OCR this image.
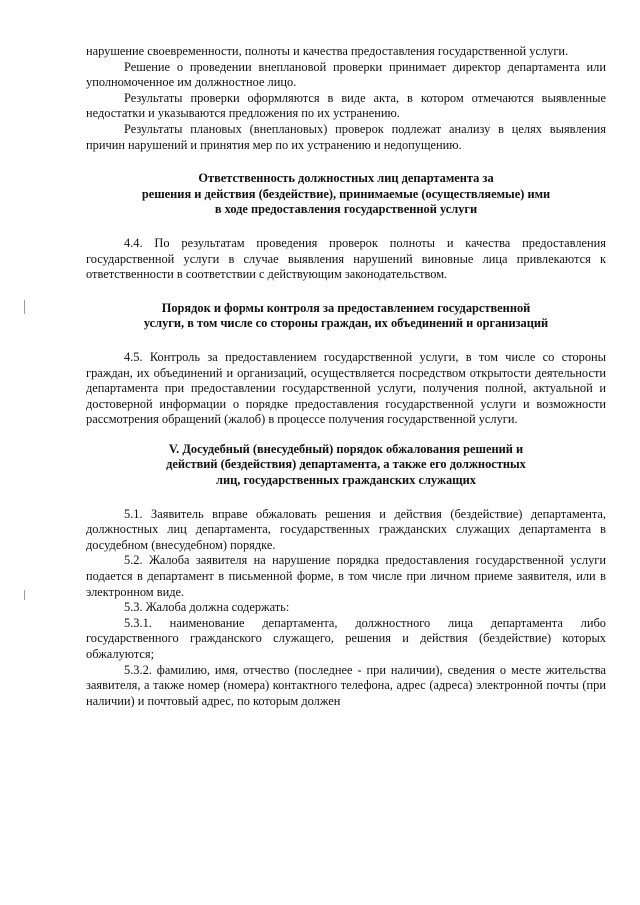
нарушение своевременности, полноты и качества предоставления государственной услуги.

Решение о проведении внеплановой проверки принимает директор департамента или уполномоченное им должностное лицо.

Результаты проверки оформляются в виде акта, в котором отмечаются выявленные недостатки и указываются предложения по их устранению.

Результаты плановых (внеплановых) проверок подлежат анализу в целях выявления причин нарушений и принятия мер по их устранению и недопущению.

Ответственность должностных лиц департамента за
решения и действия (бездействие), принимаемые (осуществляемые) ими
в ходе предоставления государственной услуги

4.4. По результатам проведения проверок полноты и качества предоставления государственной услуги в случае выявления нарушений виновные лица привлекаются к ответственности в соответствии с действующим законодательством.

Порядок и формы контроля за предоставлением государственной
услуги, в том числе со стороны граждан, их объединений и организаций

4.5. Контроль за предоставлением государственной услуги, в том числе со стороны граждан, их объединений и организаций, осуществляется посредством открытости деятельности департамента при предоставлении государственной услуги, получения полной, актуальной и достоверной информации о порядке предоставления государственной услуги и возможности рассмотрения обращений (жалоб) в процессе получения государственной услуги.

V. Досудебный (внесудебный) порядок обжалования решений и
действий (бездействия) департамента, а также его должностных
лиц, государственных гражданских служащих

5.1. Заявитель вправе обжаловать решения и действия (бездействие) департамента, должностных лиц департамента, государственных гражданских служащих департамента в досудебном (внесудебном) порядке.

5.2. Жалоба заявителя на нарушение порядка предоставления государственной услуги подается в департамент в письменной форме, в том числе при личном приеме заявителя, или в электронном виде.

5.3. Жалоба должна содержать:

5.3.1. наименование департамента, должностного лица департамента либо государственного гражданского служащего, решения и действия (бездействие) которых обжалуются;

5.3.2. фамилию, имя, отчество (последнее - при наличии), сведения о месте жительства заявителя, а также номер (номера) контактного телефона, адрес (адреса) электронной почты (при наличии) и почтовый адрес, по которым должен
